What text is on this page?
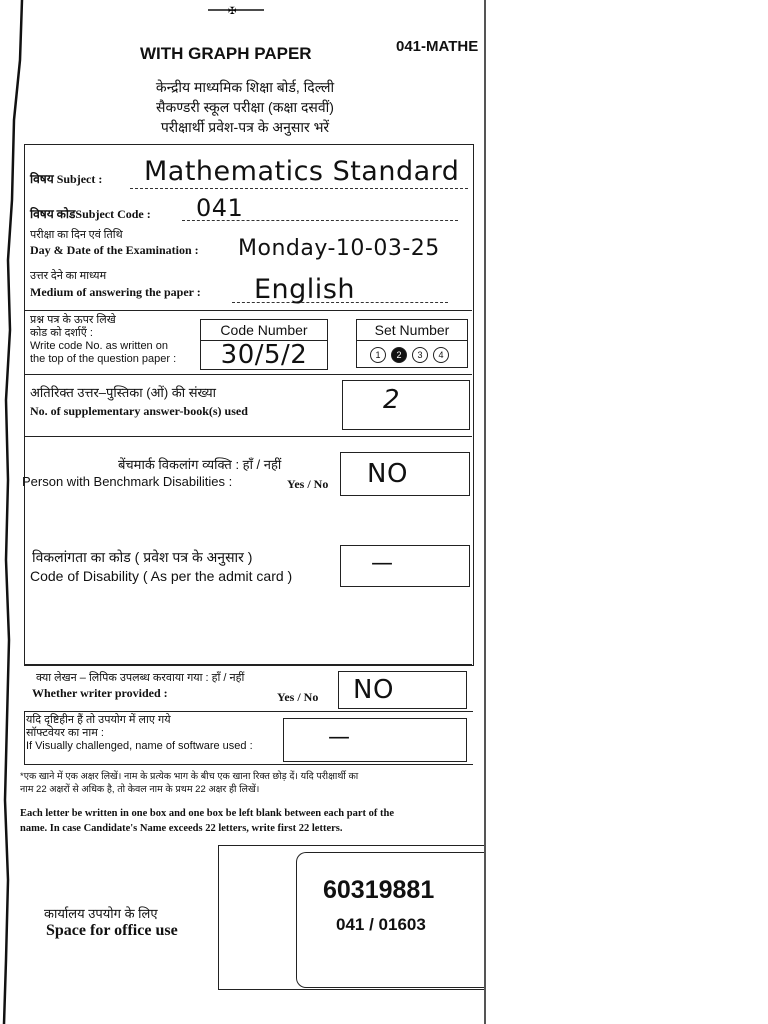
✠
WITH GRAPH PAPER	041-MATHE
केन्द्रीय माध्यमिक शिक्षा बोर्ड, दिल्ली
सैकण्डरी स्कूल परीक्षा (कक्षा दसवीं)
परीक्षार्थी प्रवेश-पत्र के अनुसार भरें
विषय Subject : Mathematics Standard
विषय कोडSubject Code : 041
परीक्षा का दिन एवं तिथि
Day & Date of the Examination : Monday-10-03-25
उत्तर देने का माध्यम
Medium of answering the paper : English
प्रश्न पत्र के ऊपर लिखे
कोड को दर्शाएँ :
Write code No. as written on
the top of the question paper :
Code Number
30/5/2
Set Number
1 2 3 4
अतिरिक्त उत्तर–पुस्तिका (ओं) की संख्या
No. of supplementary answer-book(s) used	2
बेंचमार्क विकलांग व्यक्ति : हाँ / नहीं
Person with Benchmark Disabilities :	Yes / No NO
विकलांगता का कोड ( प्रवेश पत्र के अनुसार )
Code of Disability ( As per the admit card )	—
क्या लेखन – लिपिक उपलब्ध करवाया गया : हाँ / नहीं
Whether writer provided :	Yes / No NO
यदि दृष्टिहीन हैं तो उपयोग में लाए गये
सॉफ्टवेयर का नाम :
If Visually challenged, name of software used :	—
*एक खाने में एक अक्षर लिखें। नाम के प्रत्येक भाग के बीच एक खाना रिक्त छोड़ दें। यदि परीक्षार्थी का
नाम 22 अक्षरों से अधिक है, तो केवल नाम के प्रथम 22 अक्षर ही लिखें।
Each letter be written in one box and one box be left blank between each part of the
name. In case Candidate's Name exceeds 22 letters, write first 22 letters.
कार्यालय उपयोग के लिए
Space for office use
60319881
041 / 01603
